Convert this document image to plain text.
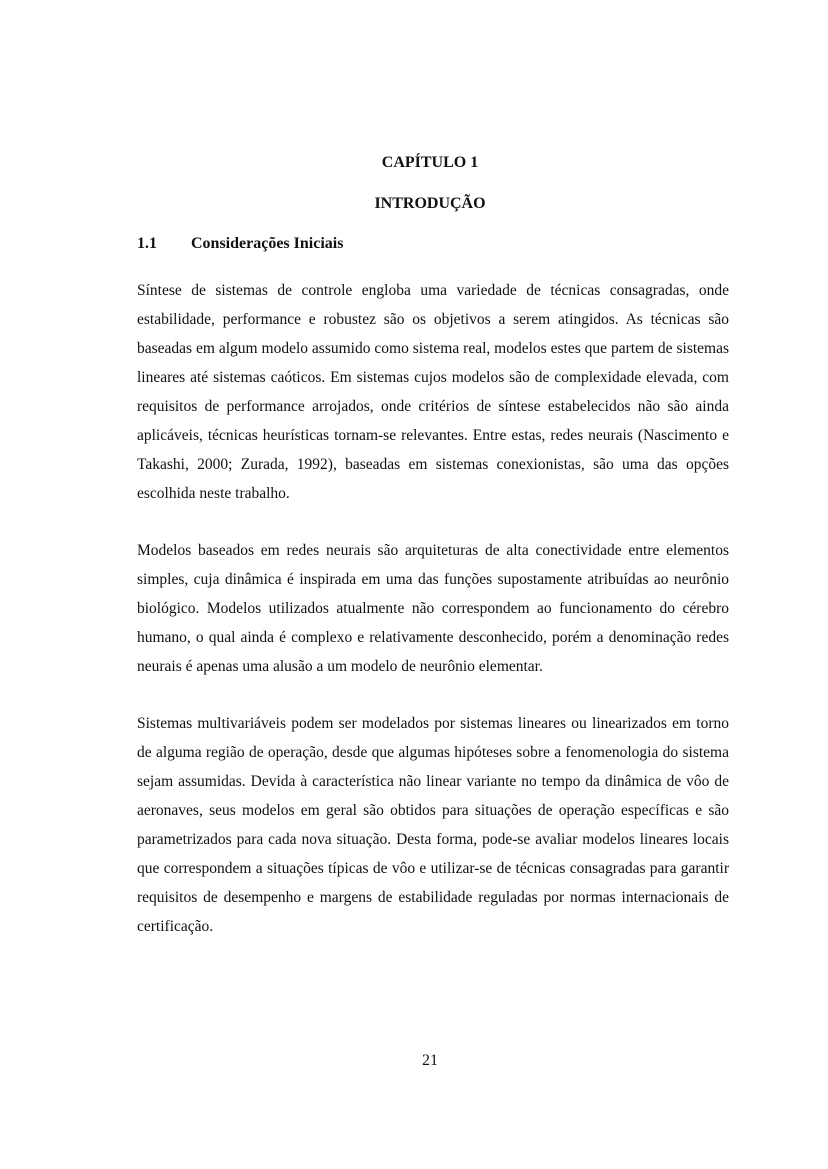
CAPÍTULO 1
INTRODUÇÃO
1.1 Considerações Iniciais

Síntese de sistemas de controle engloba uma variedade de técnicas consagradas, onde estabilidade, performance e robustez são os objetivos a serem atingidos. As técnicas são baseadas em algum modelo assumido como sistema real, modelos estes que partem de sistemas lineares até sistemas caóticos. Em sistemas cujos modelos são de complexidade elevada, com requisitos de performance arrojados, onde critérios de síntese estabelecidos não são ainda aplicáveis, técnicas heurísticas tornam-se relevantes. Entre estas, redes neurais (Nascimento e Takashi, 2000; Zurada, 1992), baseadas em sistemas conexionistas, são uma das opções escolhida neste trabalho.

Modelos baseados em redes neurais são arquiteturas de alta conectividade entre elementos simples, cuja dinâmica é inspirada em uma das funções supostamente atribuídas ao neurônio biológico. Modelos utilizados atualmente não correspondem ao funcionamento do cérebro humano, o qual ainda é complexo e relativamente desconhecido, porém a denominação redes neurais é apenas uma alusão a um modelo de neurônio elementar.

Sistemas multivariáveis podem ser modelados por sistemas lineares ou linearizados em torno de alguma região de operação, desde que algumas hipóteses sobre a fenomenologia do sistema sejam assumidas. Devida à característica não linear variante no tempo da dinâmica de vôo de aeronaves, seus modelos em geral são obtidos para situações de operação específicas e são parametrizados para cada nova situação. Desta forma, pode-se avaliar modelos lineares locais que correspondem a situações típicas de vôo e utilizar-se de técnicas consagradas para garantir requisitos de desempenho e margens de estabilidade reguladas por normas internacionais de certificação.

21
